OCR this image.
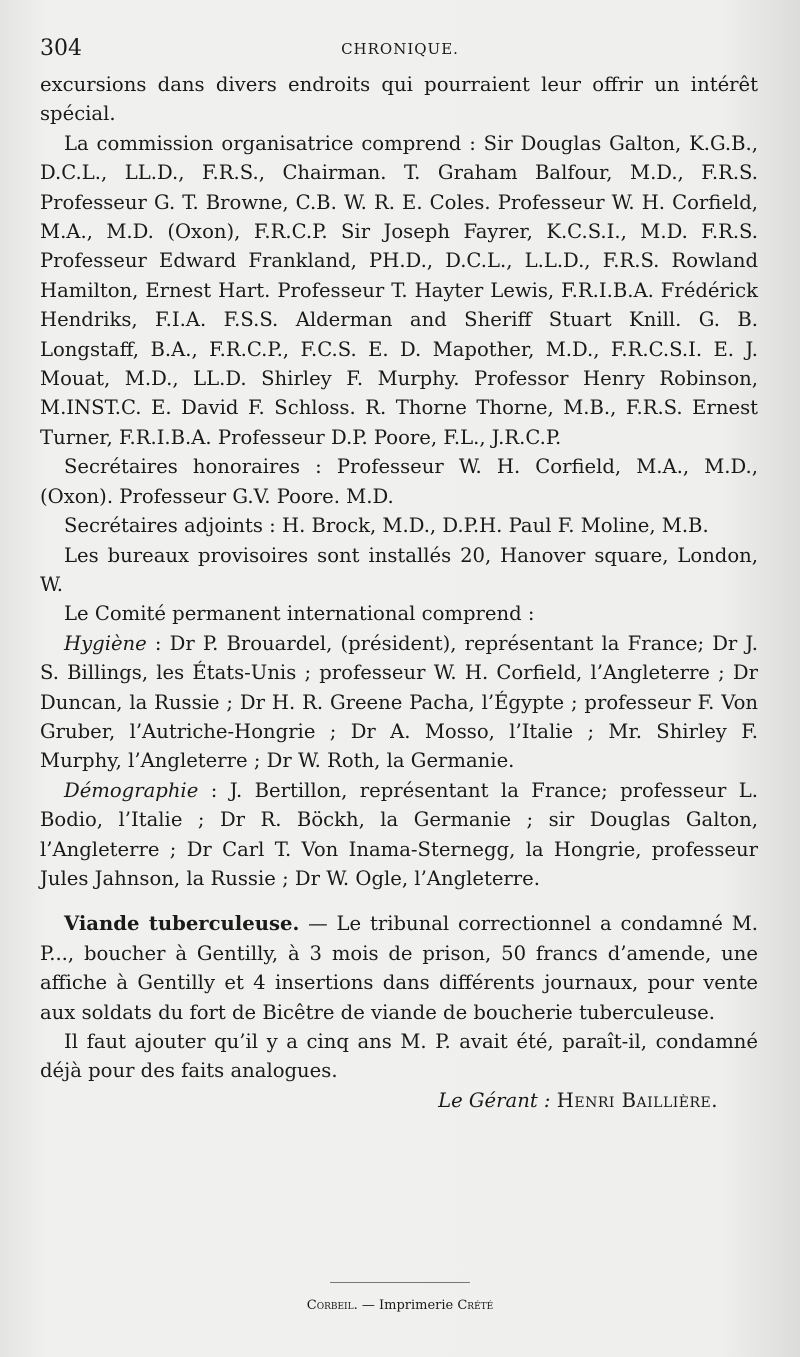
304	CHRONIQUE.

excursions dans divers endroits qui pourraient leur offrir un intérêt spécial.

La commission organisatrice comprend : Sir Douglas Galton, K.G.B., D.C.L., LL.D., F.R.S., Chairman. T. Graham Balfour, M.D., F.R.S. Professeur G. T. Browne, C.B. W. R. E. Coles. Professeur W. H. Corfield, M.A., M.D. (Oxon), F.R.C.P. Sir Joseph Fayrer, K.C.S.I., M.D. F.R.S. Professeur Edward Frankland, PH.D., D.C.L., L.L.D., F.R.S. Rowland Hamilton, Ernest Hart. Professeur T. Hayter Lewis, F.R.I.B.A. Frédérick Hendriks, F.I.A. F.S.S. Alderman and Sheriff Stuart Knill. G. B. Longstaff, B.A., F.R.C.P., F.C.S. E. D. Mapother, M.D., F.R.C.S.I. E. J. Mouat, M.D., LL.D. Shirley F. Murphy. Professor Henry Robinson, M.INST.C. E. David F. Schloss. R. Thorne Thorne, M.B., F.R.S. Ernest Turner, F.R.I.B.A. Professeur D.P. Poore, F.L., J.R.C.P.

Secrétaires honoraires : Professeur W. H. Corfield, M.A., M.D., (Oxon). Professeur G.V. Poore. M.D.

Secrétaires adjoints : H. Brock, M.D., D.P.H. Paul F. Moline, M.B.

Les bureaux provisoires sont installés 20, Hanover square, London, W.

Le Comité permanent international comprend :

Hygiène : Dr P. Brouardel, (président), représentant la France; Dr J. S. Billings, les États-Unis ; professeur W. H. Corfield, l’Angleterre ; Dr Duncan, la Russie ; Dr H. R. Greene Pacha, l’Égypte ; professeur F. Von Gruber, l’Autriche-Hongrie ; Dr A. Mosso, l’Italie ; Mr. Shirley F. Murphy, l’Angleterre ; Dr W. Roth, la Germanie.

Démographie : J. Bertillon, représentant la France; professeur L. Bodio, l’Italie ; Dr R. Böckh, la Germanie ; sir Douglas Galton, l’Angleterre ; Dr Carl T. Von Inama-Sternegg, la Hongrie, professeur Jules Jahnson, la Russie ; Dr W. Ogle, l’Angleterre.

Viande tuberculeuse. — Le tribunal correctionnel a condamné M. P..., boucher à Gentilly, à 3 mois de prison, 50 francs d’amende, une affiche à Gentilly et 4 insertions dans différents journaux, pour vente aux soldats du fort de Bicêtre de viande de boucherie tuberculeuse.

Il faut ajouter qu’il y a cinq ans M. P. avait été, paraît-il, condamné déjà pour des faits analogues.

Le Gérant : Henri Baillière.

Corbeil. — Imprimerie Crété
